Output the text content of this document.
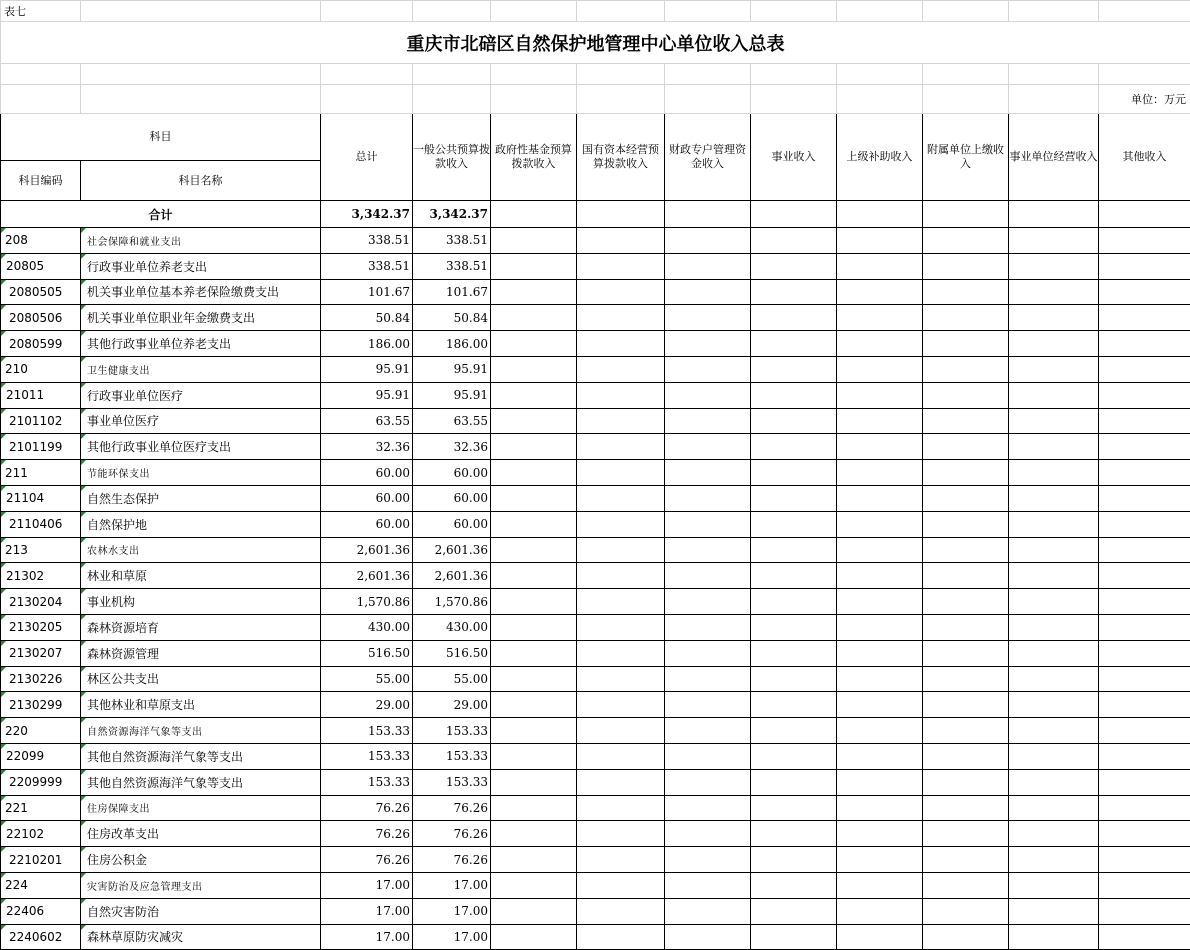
表七											
重庆市北碚区自然保护地管理中心单位收入总表											

											单位：万元
科目		总计	一般公共预算拨款收入	政府性基金预算拨款收入	国有资本经营预算拨款收入	财政专户管理资金收入	事业收入	上级补助收入	附属单位上缴收入	事业单位经营收入	其他收入
科目编码	科目名称										
合计		3,342.37	3,342.37								
208	社会保障和就业支出	338.51	338.51								
20805	行政事业单位养老支出	338.51	338.51								
2080505	机关事业单位基本养老保险缴费支出	101.67	101.67								
2080506	机关事业单位职业年金缴费支出	50.84	50.84								
2080599	其他行政事业单位养老支出	186.00	186.00								
210	卫生健康支出	95.91	95.91								
21011	行政事业单位医疗	95.91	95.91								
2101102	事业单位医疗	63.55	63.55								
2101199	其他行政事业单位医疗支出	32.36	32.36								
211	节能环保支出	60.00	60.00								
21104	自然生态保护	60.00	60.00								
2110406	自然保护地	60.00	60.00								
213	农林水支出	2,601.36	2,601.36								
21302	林业和草原	2,601.36	2,601.36								
2130204	事业机构	1,570.86	1,570.86								
2130205	森林资源培育	430.00	430.00								
2130207	森林资源管理	516.50	516.50								
2130226	林区公共支出	55.00	55.00								
2130299	其他林业和草原支出	29.00	29.00								
220	自然资源海洋气象等支出	153.33	153.33								
22099	其他自然资源海洋气象等支出	153.33	153.33								
2209999	其他自然资源海洋气象等支出	153.33	153.33								
221	住房保障支出	76.26	76.26								
22102	住房改革支出	76.26	76.26								
2210201	住房公积金	76.26	76.26								
224	灾害防治及应急管理支出	17.00	17.00								
22406	自然灾害防治	17.00	17.00								
2240602	森林草原防灾减灾	17.00	17.00								
